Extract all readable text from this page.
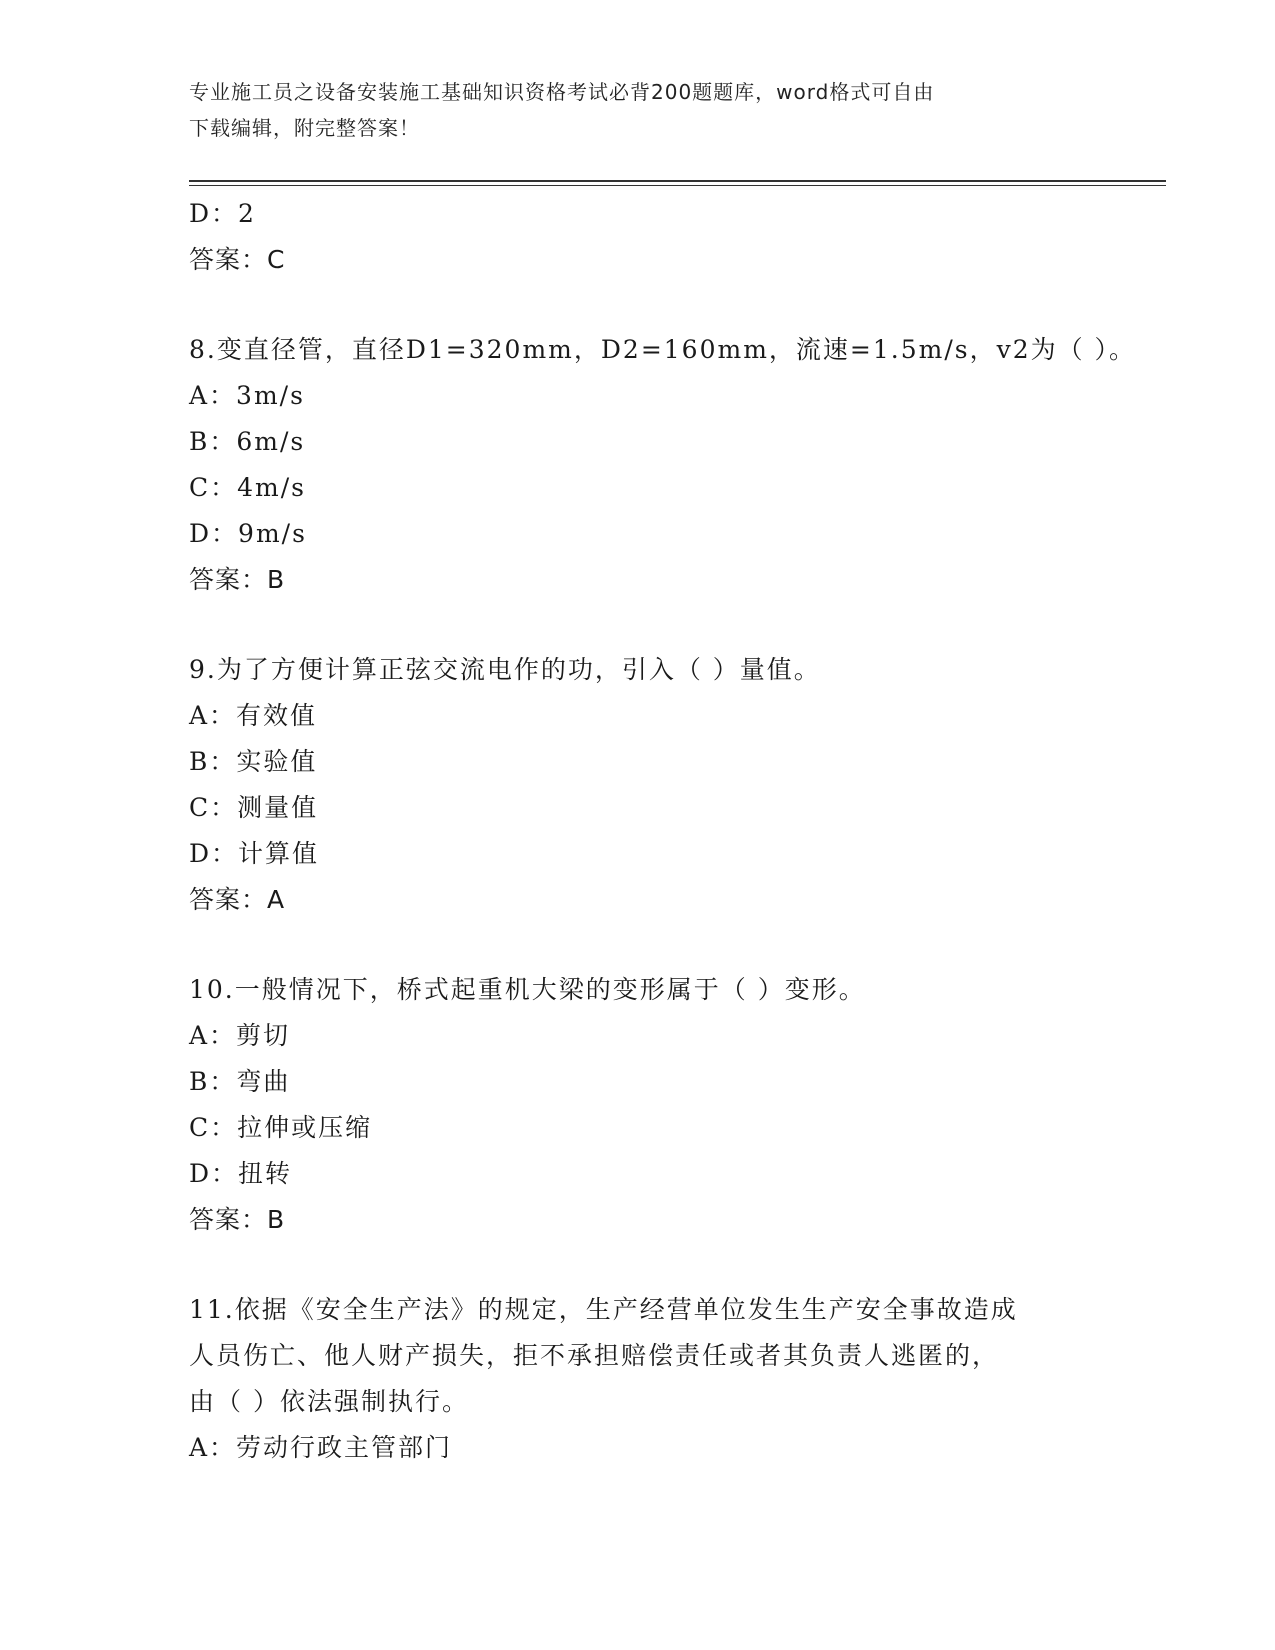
专业施工员之设备安装施工基础知识资格考试必背200题题库，word格式可自由
下载编辑，附完整答案！
D：2
答案：C
8.变直径管，直径D1=320mm，D2=160mm，流速=1.5m/s，v2为（ ）。
A：3m/s
B：6m/s
C：4m/s
D：9m/s
答案：B
9.为了方便计算正弦交流电作的功，引入（ ）量值。
A：有效值
B：实验值
C：测量值
D：计算值
答案：A
10.一般情况下，桥式起重机大梁的变形属于（ ）变形。
A：剪切
B：弯曲
C：拉伸或压缩
D：扭转
答案：B
11.依据《安全生产法》的规定，生产经营单位发生生产安全事故造成
人员伤亡、他人财产损失，拒不承担赔偿责任或者其负责人逃匿的，
由（ ）依法强制执行。
A：劳动行政主管部门
